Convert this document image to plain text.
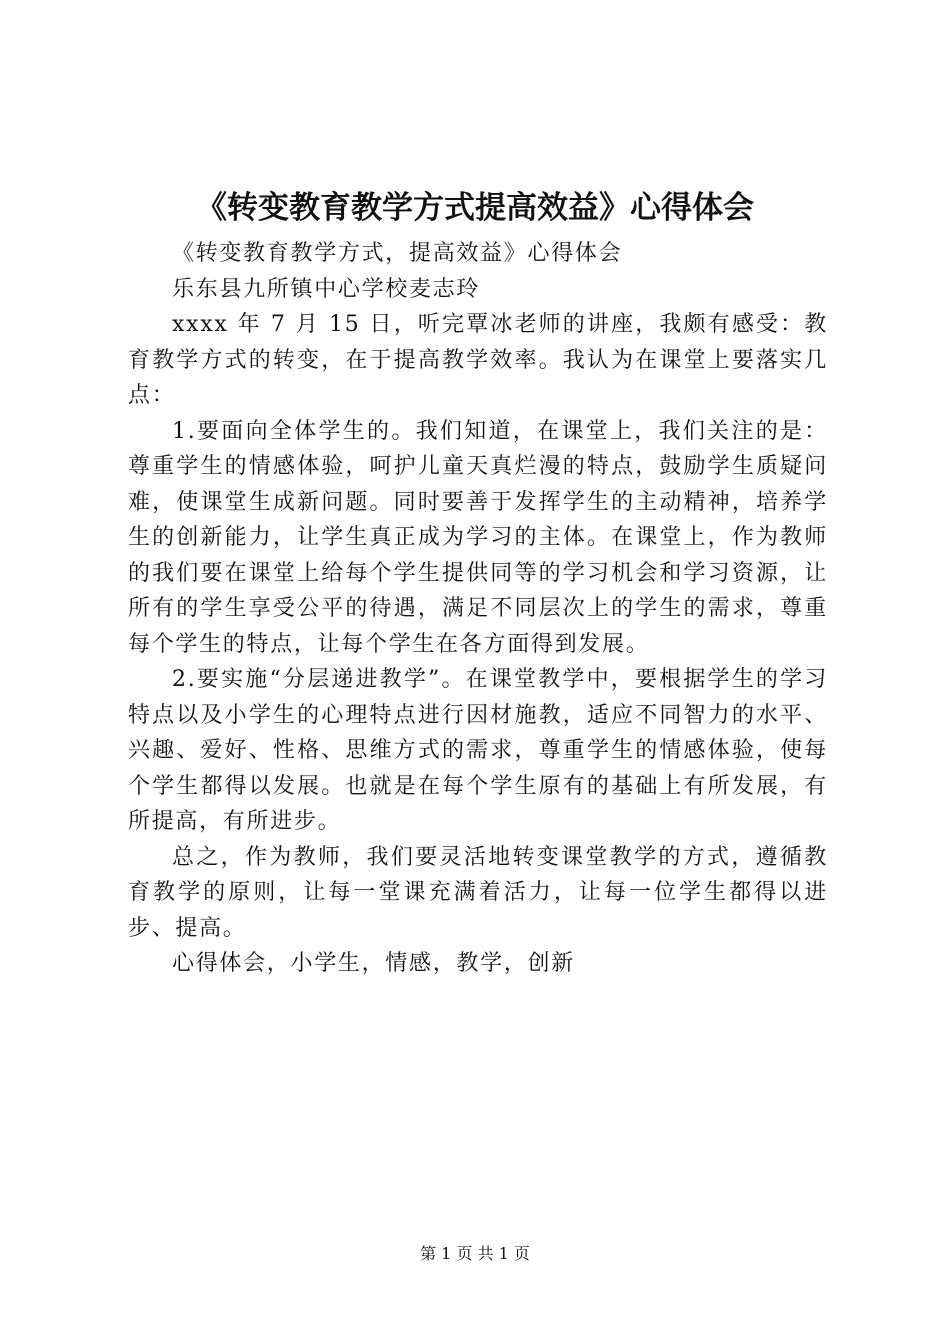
《转变教育教学方式提高效益》心得体会

《转变教育教学方式，提高效益》心得体会

乐东县九所镇中心学校麦志玲

xxxx 年 7 月 15 日，听完覃冰老师的讲座，我颇有感受：教育教学方式的转变，在于提高教学效率。我认为在课堂上要落实几点：

1.要面向全体学生的。我们知道，在课堂上，我们关注的是：尊重学生的情感体验，呵护儿童天真烂漫的特点，鼓励学生质疑问难，使课堂生成新问题。同时要善于发挥学生的主动精神，培养学生的创新能力，让学生真正成为学习的主体。在课堂上，作为教师的我们要在课堂上给每个学生提供同等的学习机会和学习资源，让所有的学生享受公平的待遇，满足不同层次上的学生的需求，尊重每个学生的特点，让每个学生在各方面得到发展。

2.要实施“分层递进教学”。在课堂教学中，要根据学生的学习特点以及小学生的心理特点进行因材施教，适应不同智力的水平、兴趣、爱好、性格、思维方式的需求，尊重学生的情感体验，使每个学生都得以发展。也就是在每个学生原有的基础上有所发展，有所提高，有所进步。

总之，作为教师，我们要灵活地转变课堂教学的方式，遵循教育教学的原则，让每一堂课充满着活力，让每一位学生都得以进步、提高。

心得体会，小学生，情感，教学，创新

第 1 页 共 1 页
